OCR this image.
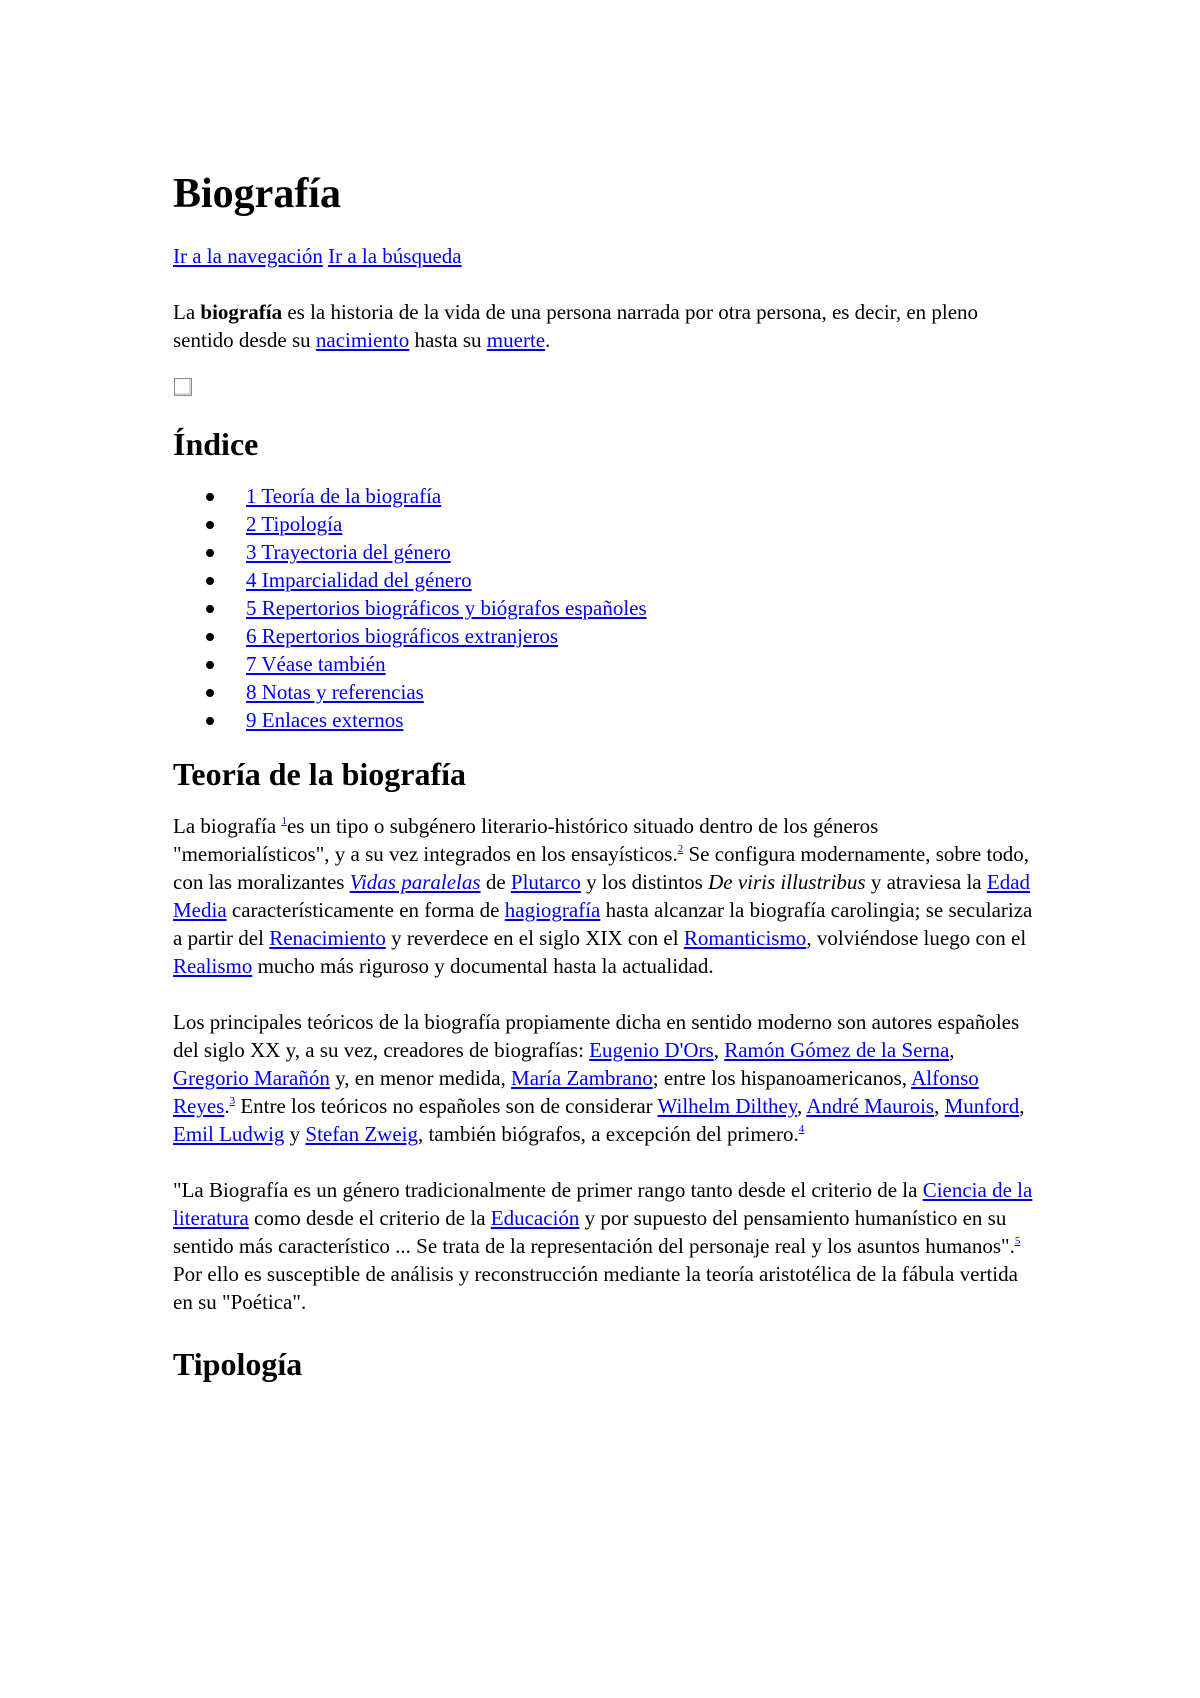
Biografía
Ir a la navegación Ir a la búsqueda

La biografía es la historia de la vida de una persona narrada por otra persona, es decir, en pleno sentido desde su nacimiento hasta su muerte.

Índice
1 Teoría de la biografía
2 Tipología
3 Trayectoria del género
4 Imparcialidad del género
5 Repertorios biográficos y biógrafos españoles
6 Repertorios biográficos extranjeros
7 Véase también
8 Notas y referencias
9 Enlaces externos
Teoría de la biografía

La biografía $^1$es un tipo o subgénero literario-histórico situado dentro de los géneros "memorialísticos", y a su vez integrados en los ensayísticos.$^2$ Se configura modernamente, sobre todo, con las moralizantes Vidas paralelas de Plutarco y los distintos De viris illustribus y atraviesa la Edad Media característicamente en forma de hagiografía hasta alcanzar la biografía carolingia; se seculariza a partir del Renacimiento y reverdece en el siglo XIX con el Romanticismo, volviéndose luego con el Realismo mucho más riguroso y documental hasta la actualidad.

Los principales teóricos de la biografía propiamente dicha en sentido moderno son autores españoles del siglo XX y, a su vez, creadores de biografías: Eugenio D'Ors, Ramón Gómez de la Serna, Gregorio Marañón y, en menor medida, María Zambrano; entre los hispanoamericanos, Alfonso Reyes.$^3$ Entre los teóricos no españoles son de considerar Wilhelm Dilthey, André Maurois, Munford, Emil Ludwig y Stefan Zweig, también biógrafos, a excepción del primero.$^4$

"La Biografía es un género tradicionalmente de primer rango tanto desde el criterio de la Ciencia de la literatura como desde el criterio de la Educación y por supuesto del pensamiento humanístico en su sentido más característico ... Se trata de la representación del personaje real y los asuntos humanos".$^5$ Por ello es susceptible de análisis y reconstrucción mediante la teoría aristotélica de la fábula vertida en su "Poética".

Tipología
